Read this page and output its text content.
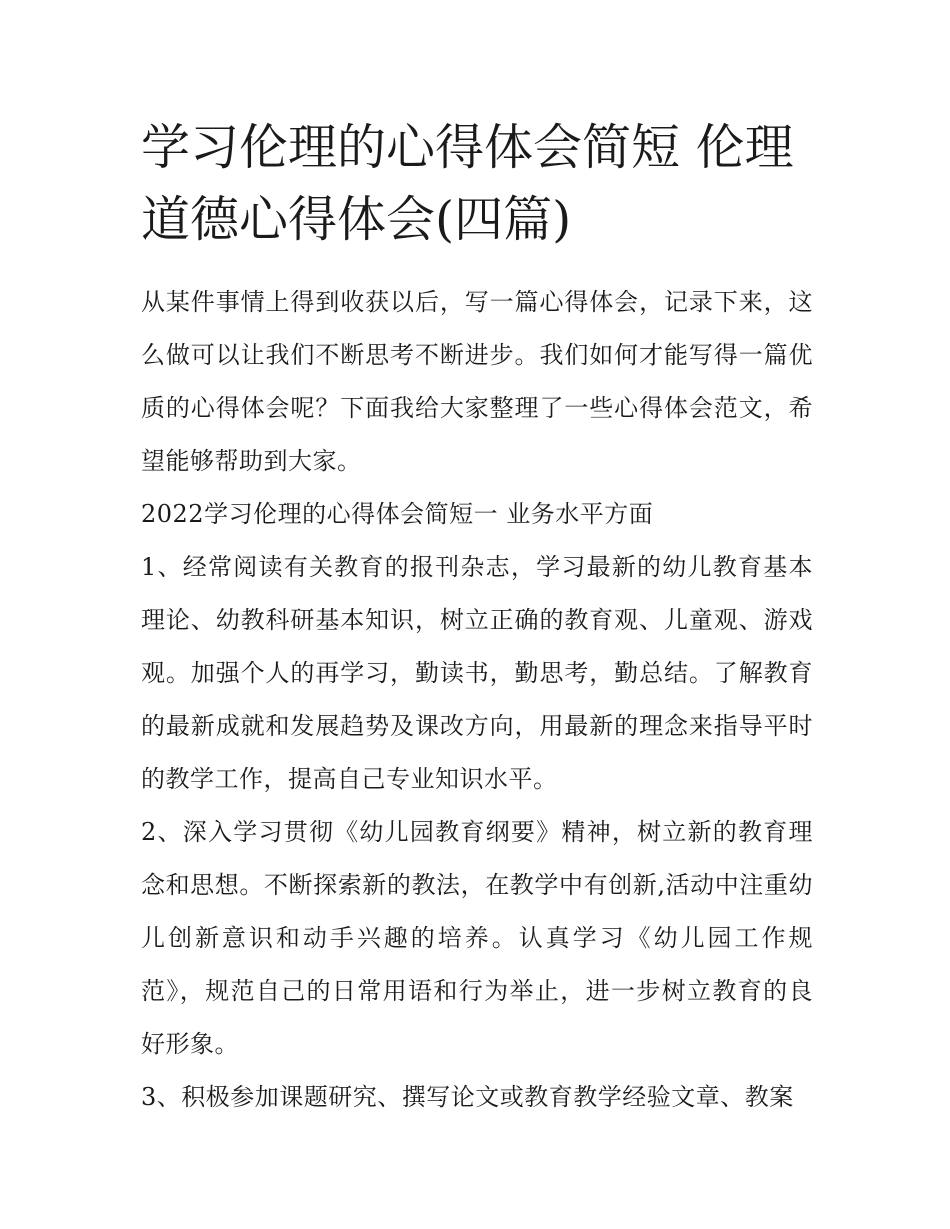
学习伦理的心得体会简短 伦理道德心得体会(四篇)

从某件事情上得到收获以后，写一篇心得体会，记录下来，这么做可以让我们不断思考不断进步。我们如何才能写得一篇优质的心得体会呢？下面我给大家整理了一些心得体会范文，希望能够帮助到大家。

2022学习伦理的心得体会简短一 业务水平方面

1、经常阅读有关教育的报刊杂志，学习最新的幼儿教育基本理论、幼教科研基本知识，树立正确的教育观、儿童观、游戏观。加强个人的再学习，勤读书，勤思考，勤总结。了解教育的最新成就和发展趋势及课改方向，用最新的理念来指导平时的教学工作，提高自己专业知识水平。

2、深入学习贯彻《幼儿园教育纲要》精神，树立新的教育理念和思想。不断探索新的教法，在教学中有创新,活动中注重幼儿创新意识和动手兴趣的培养。认真学习《幼儿园工作规范》，规范自己的日常用语和行为举止，进一步树立教育的良好形象。

3、积极参加课题研究、撰写论文或教育教学经验文章、教案
